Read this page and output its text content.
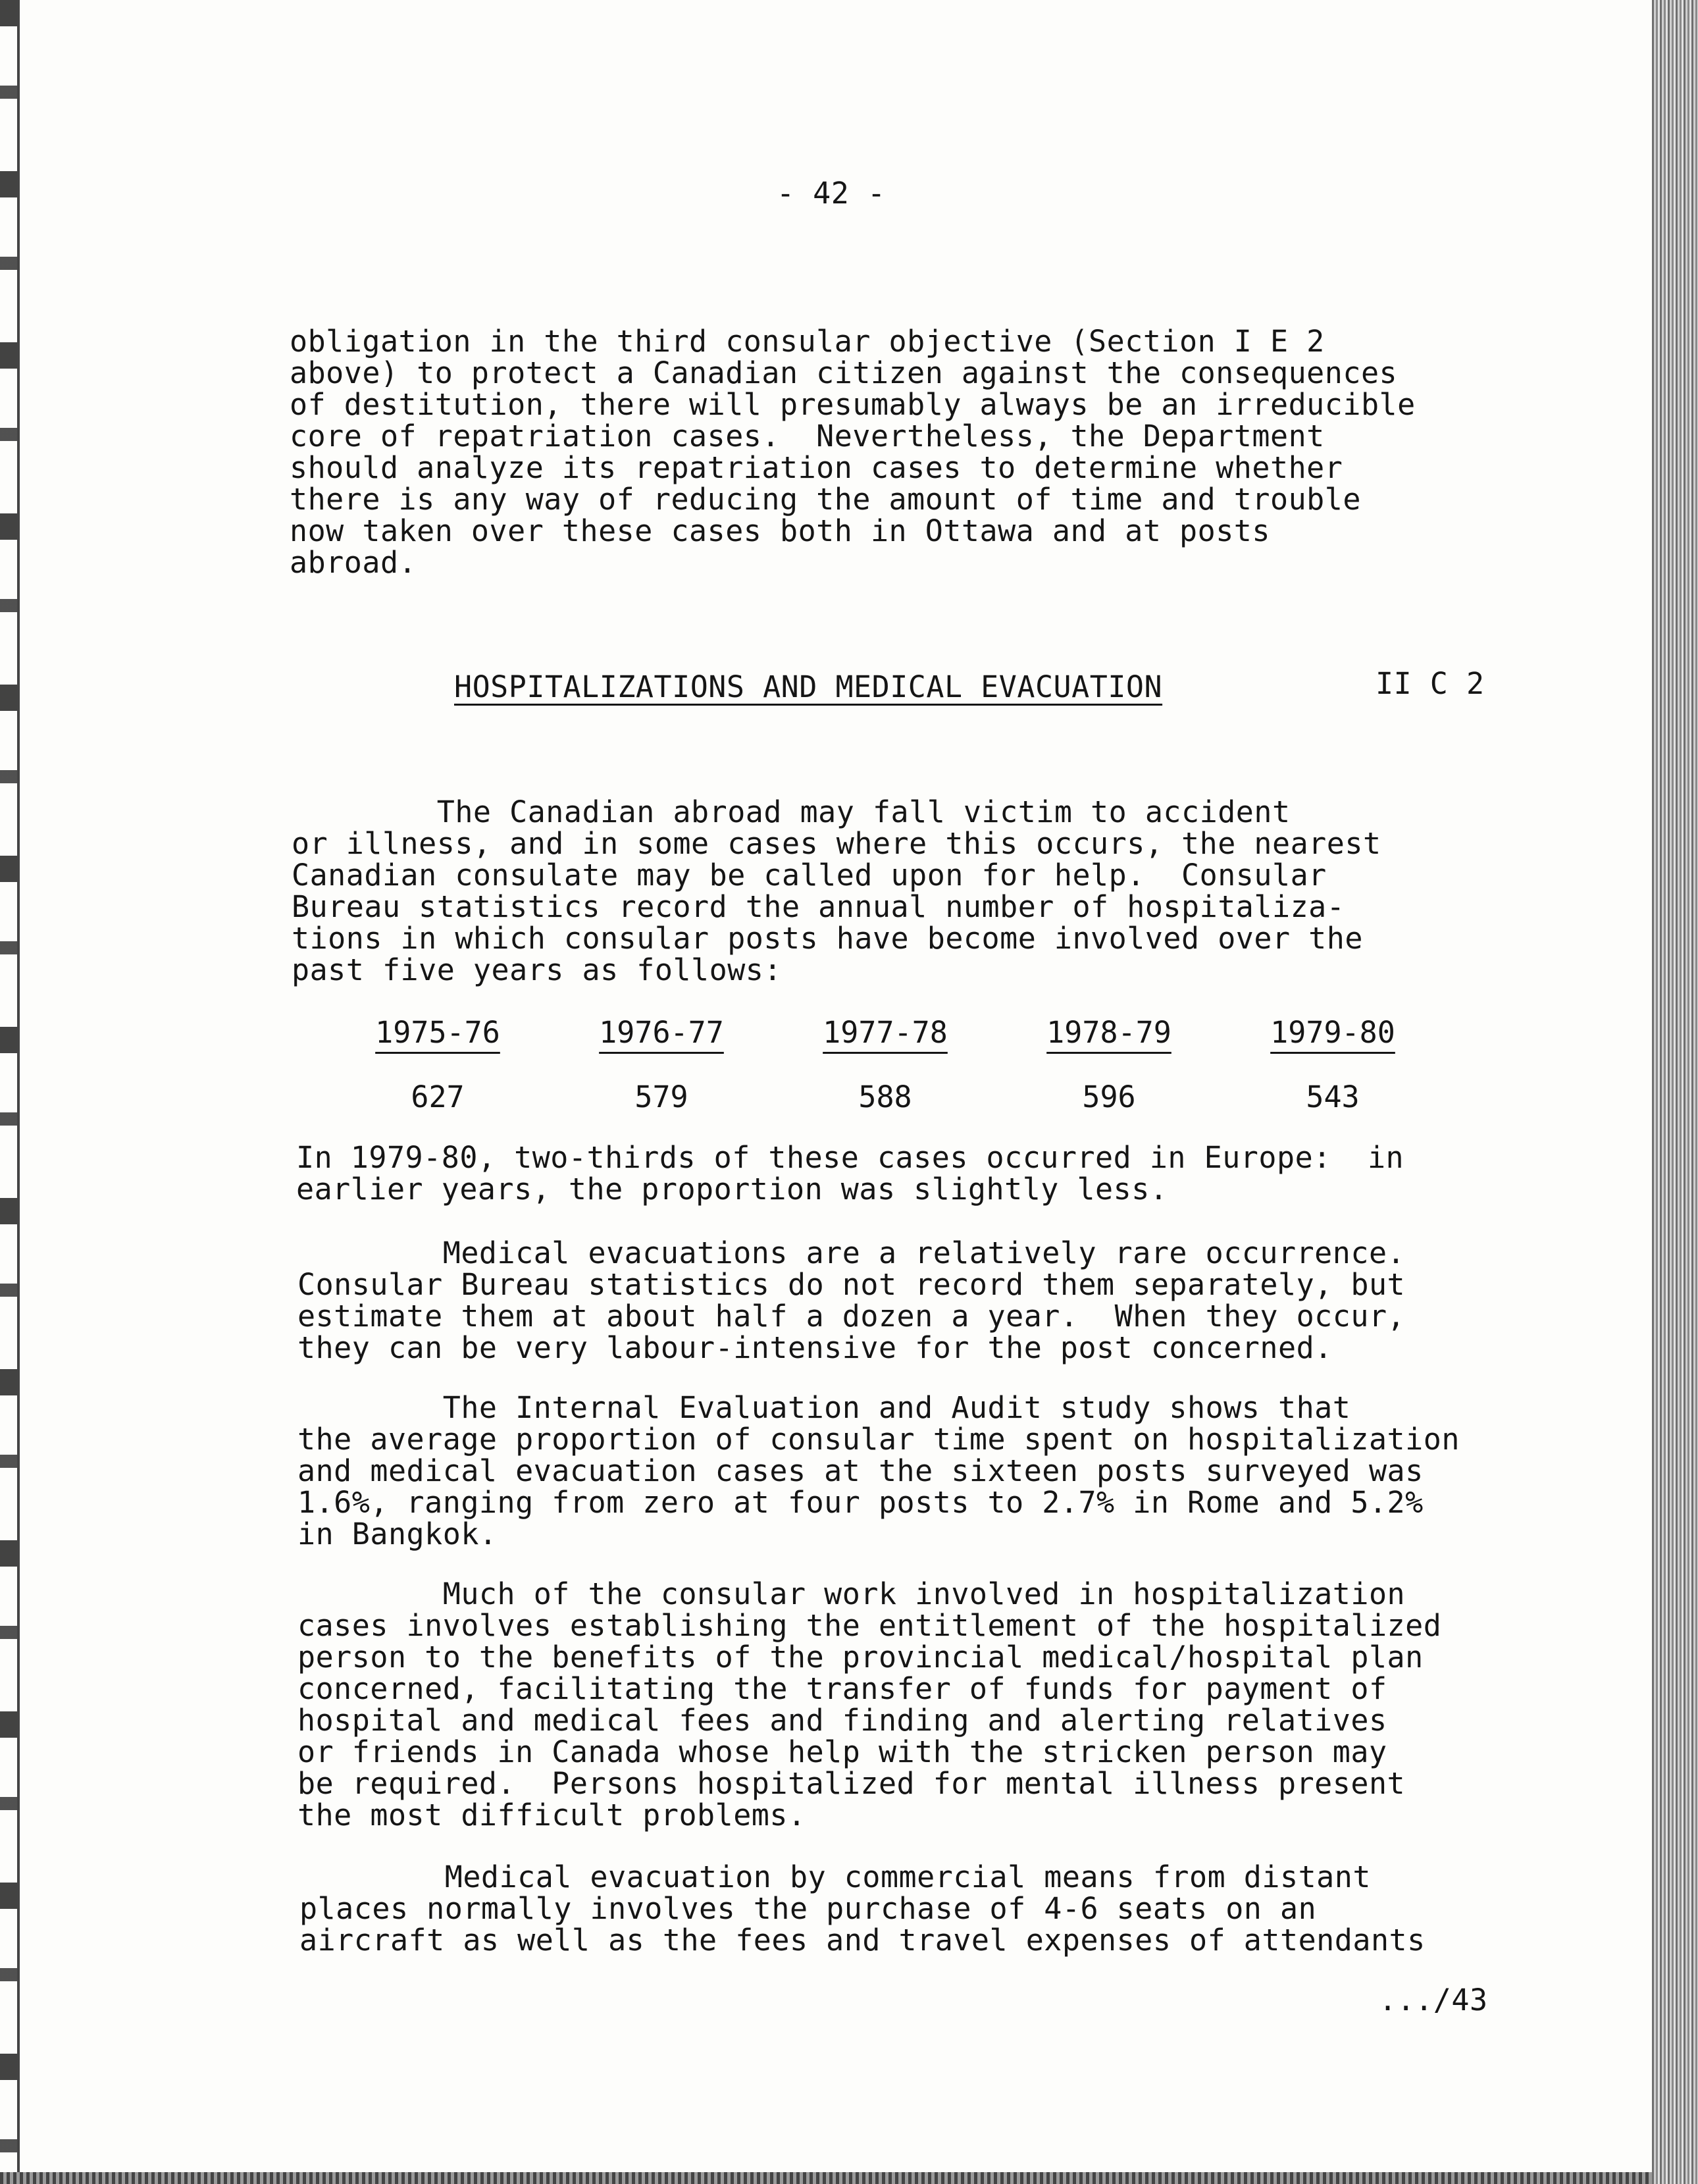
- 42 -

obligation in the third consular objective (Section I E 2
above) to protect a Canadian citizen against the consequences
of destitution, there will presumably always be an irreducible
core of repatriation cases.  Nevertheless, the Department
should analyze its repatriation cases to determine whether
there is any way of reducing the amount of time and trouble
now taken over these cases both in Ottawa and at posts
abroad.

HOSPITALIZATIONS AND MEDICAL EVACUATION	II C 2

The Canadian abroad may fall victim to accident
or illness, and in some cases where this occurs, the nearest
Canadian consulate may be called upon for help.  Consular
Bureau statistics record the annual number of hospitaliza-
tions in which consular posts have become involved over the
past five years as follows:

1975-76
627
1976-77
579
1977-78
588
1978-79
596
1979-80
543

In 1979-80, two-thirds of these cases occurred in Europe:  in
earlier years, the proportion was slightly less.

Medical evacuations are a relatively rare occurrence.
Consular Bureau statistics do not record them separately, but
estimate them at about half a dozen a year.  When they occur,
they can be very labour-intensive for the post concerned.

The Internal Evaluation and Audit study shows that
the average proportion of consular time spent on hospitalization
and medical evacuation cases at the sixteen posts surveyed was
1.6%, ranging from zero at four posts to 2.7% in Rome and 5.2%
in Bangkok.

Much of the consular work involved in hospitalization
cases involves establishing the entitlement of the hospitalized
person to the benefits of the provincial medical/hospital plan
concerned, facilitating the transfer of funds for payment of
hospital and medical fees and finding and alerting relatives
or friends in Canada whose help with the stricken person may
be required.  Persons hospitalized for mental illness present
the most difficult problems.

Medical evacuation by commercial means from distant
places normally involves the purchase of 4-6 seats on an
aircraft as well as the fees and travel expenses of attendants

.../43
